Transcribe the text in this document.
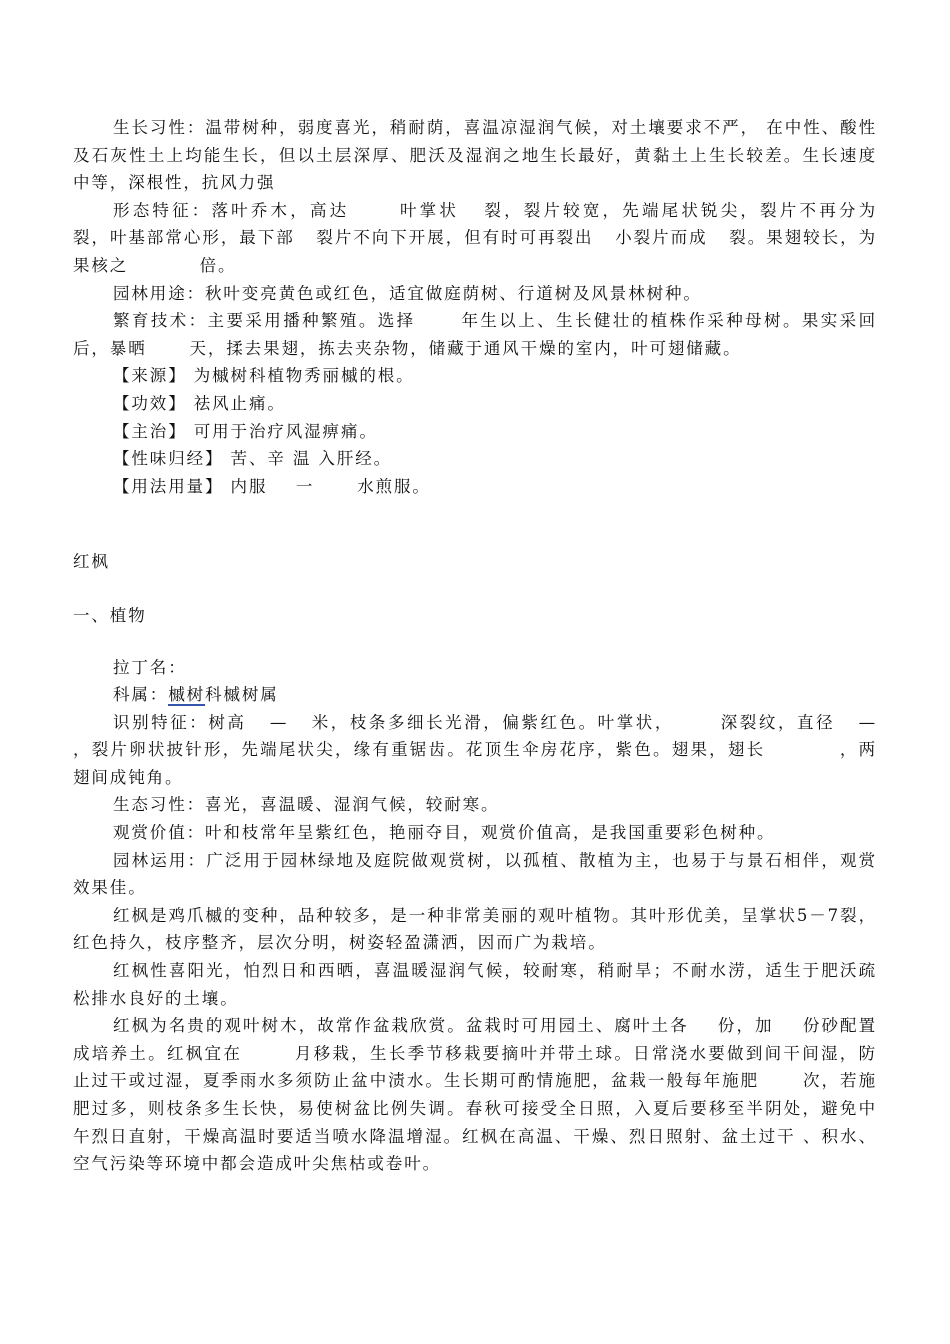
生长习性：温带树种，弱度喜光，稍耐荫，喜温凉湿润气候，对土壤要求不严， 在中性、酸性及石灰性土上均能生长，但以土层深厚、肥沃及湿润之地生长最好，黄黏土上生长较差。生长速度中等，深根性，抗风力强

形态特征：落叶乔木，高达      叶掌状   裂，裂片较宽，先端尾状锐尖，裂片不再分为   裂，叶基部常心形，最下部   裂片不向下开展，但有时可再裂出   小裂片而成   裂。果翅较长，为果核之          倍。

园林用途：秋叶变亮黄色或红色，适宜做庭荫树、行道树及风景林树种。

繁育技术：主要采用播种繁殖。选择      年生以上、生长健壮的植株作采种母树。果实采回后，暴晒      天，揉去果翅，拣去夹杂物，储藏于通风干燥的室内，叶可翅储藏。

【来源】 为槭树科植物秀丽槭的根。

【功效】 祛风止痛。

【主治】 可用于治疗风湿痹痛。

【性味归经】 苦、辛 温 入肝经。

【用法用量】 内服    一      水煎服。

红枫

一、植物

拉丁名：

科属：槭树科槭树属

识别特征：树高   —   米，枝条多细长光滑，偏紫红色。叶掌状，      深裂纹，直径   —      ，裂片卵状披针形，先端尾状尖，缘有重锯齿。花顶生伞房花序，紫色。翅果，翅长          ，两翅间成钝角。

生态习性：喜光，喜温暖、湿润气候，较耐寒。

观赏价值：叶和枝常年呈紫红色，艳丽夺目，观赏价值高，是我国重要彩色树种。

园林运用：广泛用于园林绿地及庭院做观赏树，以孤植、散植为主，也易于与景石相伴，观赏效果佳。

红枫是鸡爪槭的变种，品种较多，是一种非常美丽的观叶植物。其叶形优美，呈掌状5－7裂，红色持久，枝序整齐，层次分明，树姿轻盈潇洒，因而广为栽培。

红枫性喜阳光，怕烈日和西晒，喜温暖湿润气候，较耐寒，稍耐旱；不耐水涝，适生于肥沃疏松排水良好的土壤。

红枫为名贵的观叶树木，故常作盆栽欣赏。盆栽时可用园土、腐叶土各    份，加    份砂配置成培养土。红枫宜在       月移栽，生长季节移栽要摘叶并带土球。日常浇水要做到间干间湿，防止过干或过湿，夏季雨水多须防止盆中渍水。生长期可酌情施肥，盆栽一般每年施肥      次，若施肥过多，则枝条多生长快，易使树盆比例失调。春秋可接受全日照，入夏后要移至半阴处，避免中午烈日直射，干燥高温时要适当喷水降温增湿。红枫在高温、干燥、烈日照射、盆土过干 、积水、空气污染等环境中都会造成叶尖焦枯或卷叶。
